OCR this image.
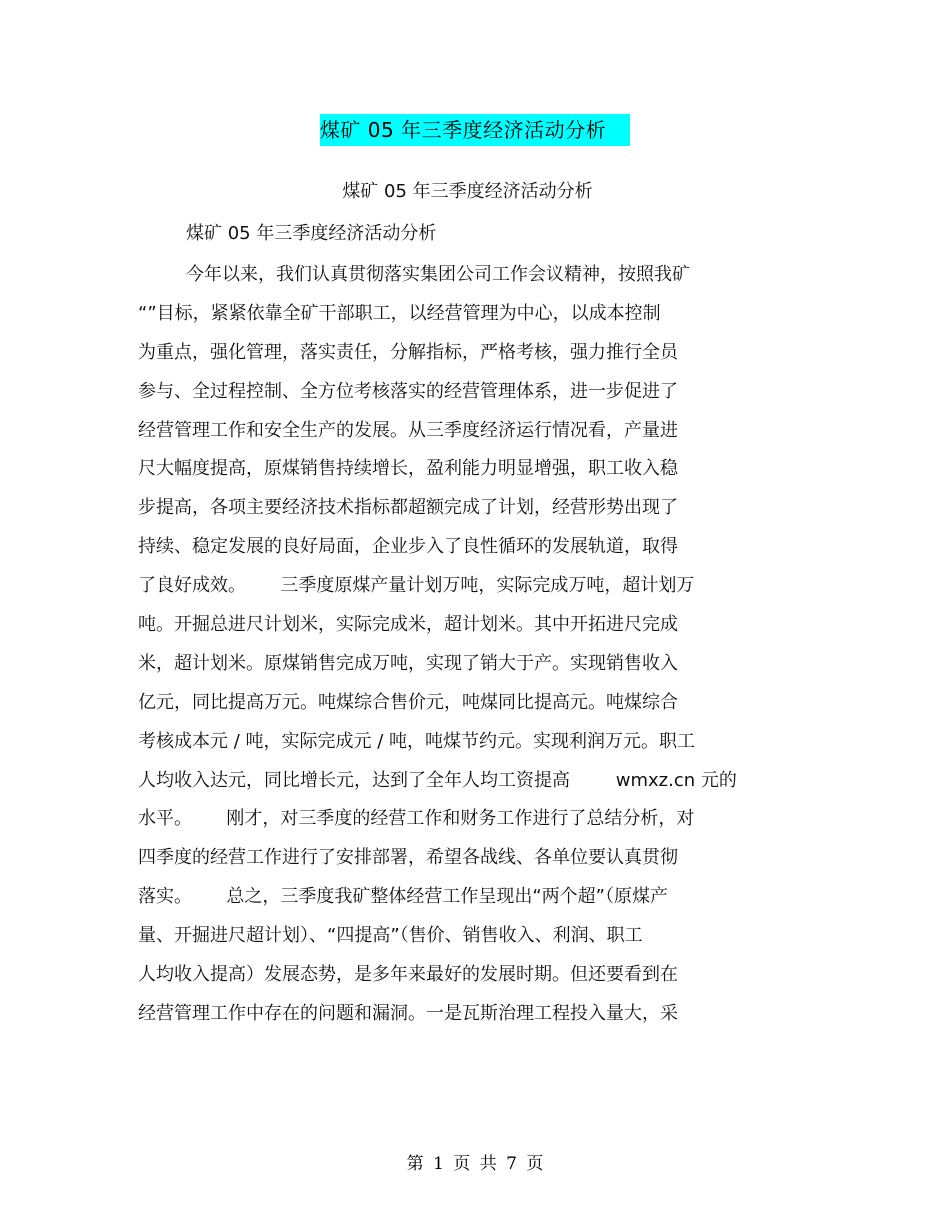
煤矿 05 年三季度经济活动分析
煤矿 05 年三季度经济活动分析
煤矿 05 年三季度经济活动分析
今年以来，我们认真贯彻落实集团公司工作会议精神，按照我矿
“”目标，紧紧依靠全矿干部职工，以经营管理为中心，以成本控制
为重点，强化管理，落实责任，分解指标，严格考核，强力推行全员
参与、全过程控制、全方位考核落实的经营管理体系，进一步促进了
经营管理工作和安全生产的发展。从三季度经济运行情况看，产量进
尺大幅度提高，原煤销售持续增长，盈利能力明显增强，职工收入稳
步提高，各项主要经济技术指标都超额完成了计划，经营形势出现了
持续、稳定发展的良好局面，企业步入了良性循环的发展轨道，取得
了良好成效。      三季度原煤产量计划万吨，实际完成万吨，超计划万
吨。开掘总进尺计划米，实际完成米，超计划米。其中开拓进尺完成
米，超计划米。原煤销售完成万吨，实现了销大于产。实现销售收入
亿元，同比提高万元。吨煤综合售价元，吨煤同比提高元。吨煤综合
考核成本元 / 吨，实际完成元 / 吨，吨煤节约元。实现利润万元。职工
人均收入达元，同比增长元，达到了全年人均工资提高        wmxz.cn 元的
水平。      刚才，对三季度的经营工作和财务工作进行了总结分析，对
四季度的经营工作进行了安排部署，希望各战线、各单位要认真贯彻
落实。      总之，三季度我矿整体经营工作呈现出“两个超”（原煤产
量、开掘进尺超计划）、“四提高”（售价、销售收入、利润、职工
人均收入提高）发展态势，是多年来最好的发展时期。但还要看到在
经营管理工作中存在的问题和漏洞。一是瓦斯治理工程投入量大，采
第 1 页 共 7 页
